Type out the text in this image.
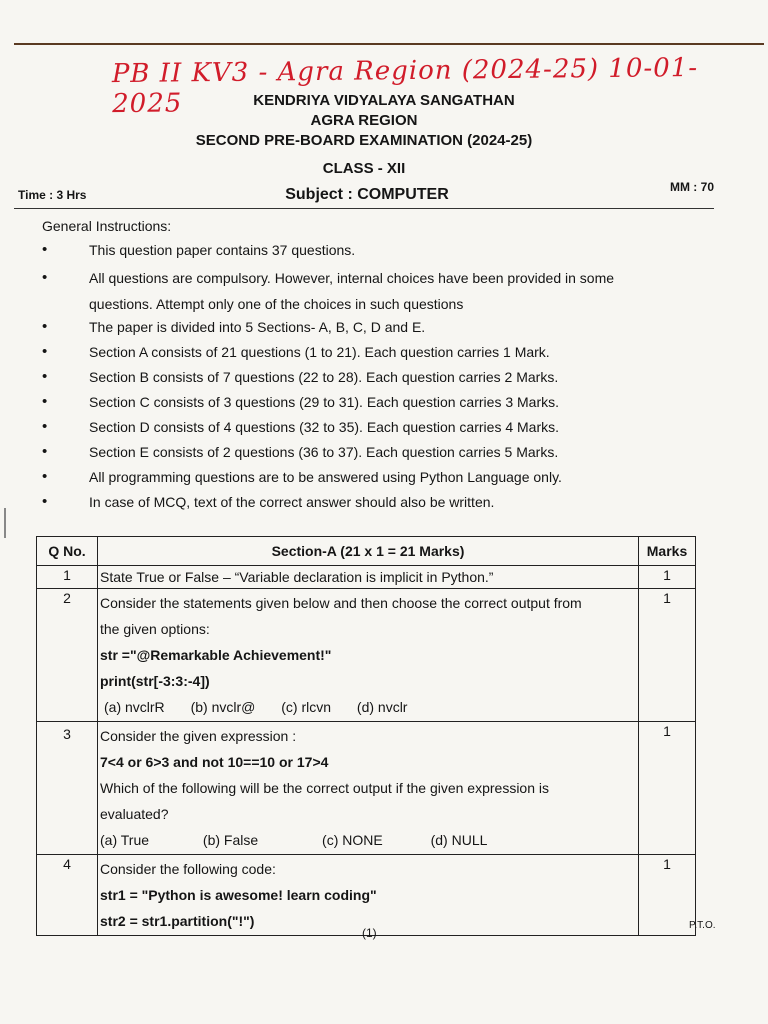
PB II KV3 - Agra Region (2024-25) 10-01-2025	KENDRIYA VIDYALAYA SANGATHAN
AGRA REGION
SECOND PRE-BOARD EXAMINATION (2024-25)
CLASS - XII
Time : 3 Hrs	Subject : COMPUTER	MM : 70
General Instructions:
• This question paper contains 37 questions.
• All questions are compulsory. However, internal choices have been provided in some questions. Attempt only one of the choices in such questions
• The paper is divided into 5 Sections- A, B, C, D and E.
• Section A consists of 21 questions (1 to 21). Each question carries 1 Mark.
• Section B consists of 7 questions (22 to 28). Each question carries 2 Marks.
• Section C consists of 3 questions (29 to 31). Each question carries 3 Marks.
• Section D consists of 4 questions (32 to 35). Each question carries 4 Marks.
• Section E consists of 2 questions (36 to 37). Each question carries 5 Marks.
• All programming questions are to be answered using Python Language only.
• In case of MCQ, text of the correct answer should also be written.
Q No.	Section-A (21 x 1 = 21 Marks)	Marks
1	State True or False – “Variable declaration is implicit in Python.”	1
2	Consider the statements given below and then choose the correct output from
the given options:
str ="@Remarkable Achievement!"
print(str[-3:3:-4])
(a) nvclrR (b) nvclr@ (c) rlcvn (d) nvclr	1
3	Consider the given expression :
7<4 or 6>3 and not 10==10 or 17>4
Which of the following will be the correct output if the given expression is
evaluated?
(a) True (b) False (c) NONE (d) NULL	1
4	Consider the following code:
str1 = "Python is awesome! learn coding"
str2 = str1.partition("!")	1
(1)
P.T.O.
